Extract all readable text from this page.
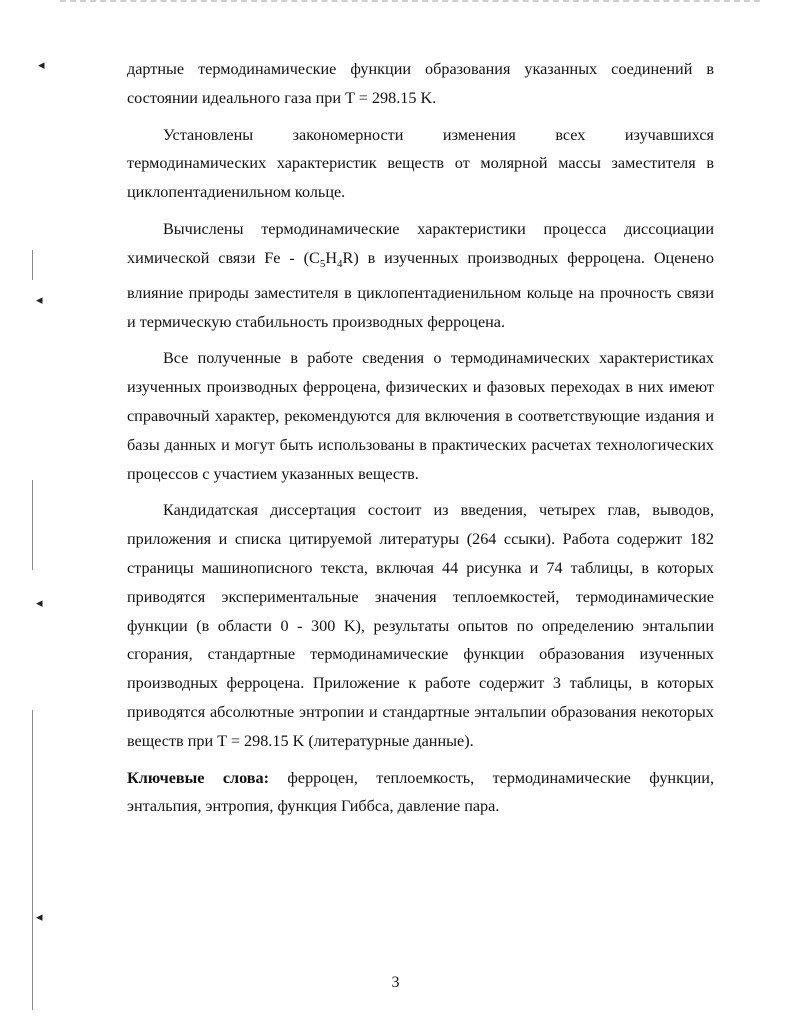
◂
◂
◂
◂

дартные термодинамические функции образования указанных соединений в состоянии идеального газа при T = 298.15 K.

Установлены закономерности изменения всех изучавшихся термодинамических характеристик веществ от молярной массы заместителя в циклопентадиенильном кольце.

Вычислены термодинамические характеристики процесса диссоциации химической связи Fe - $(C_5H_4R)$ в изученных производных ферроцена. Оценено влияние природы заместителя в циклопентадиенильном кольце на прочность связи и термическую стабильность производных ферроцена.

Все полученные в работе сведения о термодинамических характеристиках изученных производных ферроцена, физических и фазовых переходах в них имеют справочный характер, рекомендуются для включения в соответствующие издания и базы данных и могут быть использованы в практических расчетах технологических процессов с участием указанных веществ.

Кандидатская диссертация состоит из введения, четырех глав, выводов, приложения и списка цитируемой литературы (264 ссыки). Работа содержит 182 страницы машинописного текста, включая 44 рисунка и 74 таблицы, в которых приводятся экспериментальные значения теплоемкостей, термодинамические функции (в области 0 - 300 K), результаты опытов по определению энтальпии сгорания, стандартные термодинамические функции образования изученных производных ферроцена. Приложение к работе содержит 3 таблицы, в которых приводятся абсолютные энтропии и стандартные энтальпии образования некоторых веществ при T = 298.15 K (литературные данные).

Ключевые слова: ферроцен, теплоемкость, термодинамические функции, энтальпия, энтропия, функция Гиббса, давление пара.

3
